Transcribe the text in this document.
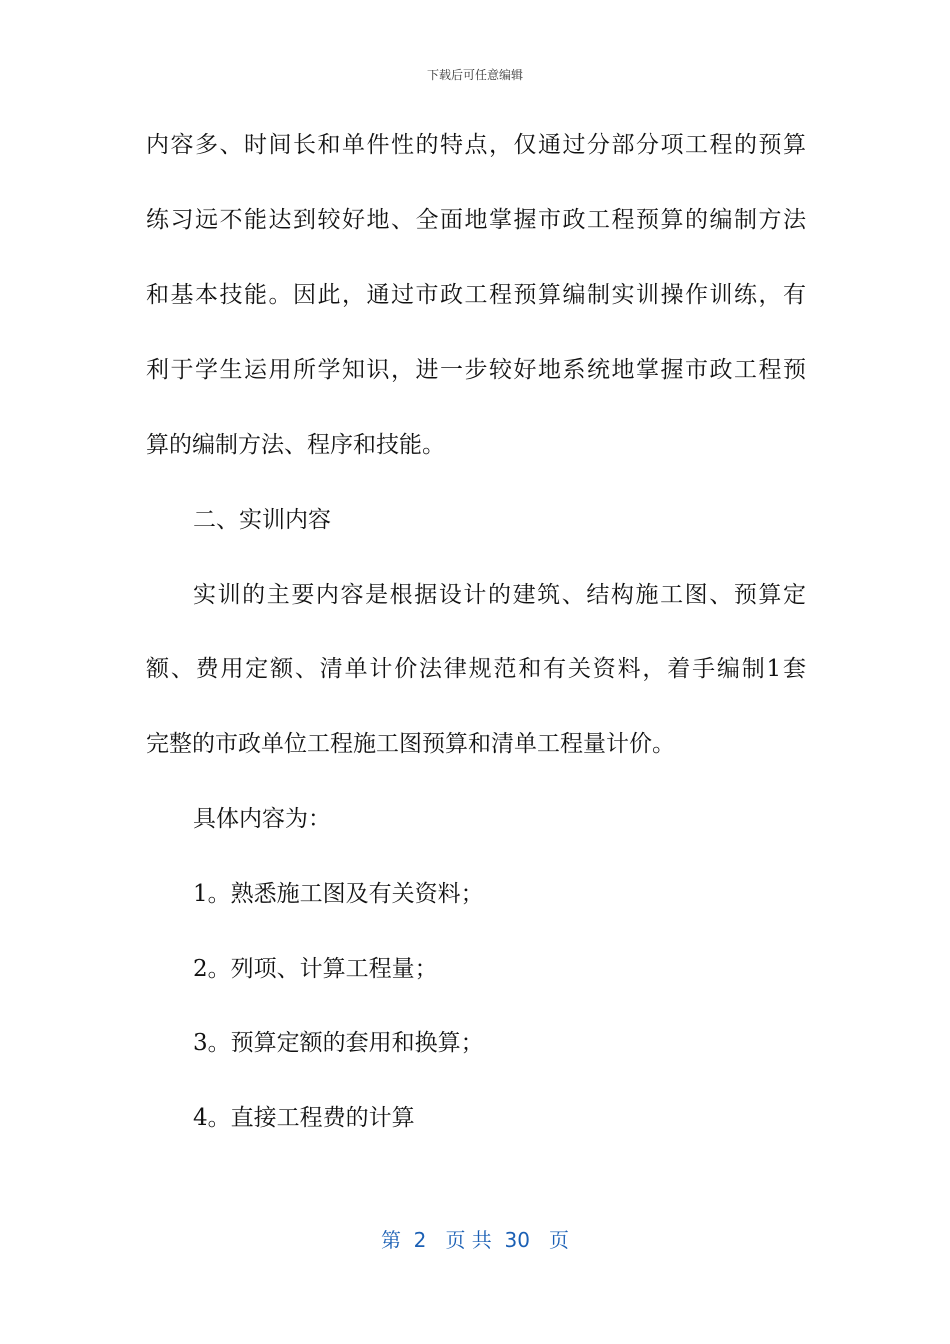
下载后可任意编辑
内容多、时间长和单件性的特点，仅通过分部分项工程的预算
练习远不能达到较好地、全面地掌握市政工程预算的编制方法
和基本技能。因此，通过市政工程预算编制实训操作训练，有
利于学生运用所学知识，进一步较好地系统地掌握市政工程预
算的编制方法、程序和技能。
二、实训内容
实训的主要内容是根据设计的建筑、结构施工图、预算定
额、费用定额、清单计价法律规范和有关资料，着手编制1套
完整的市政单位工程施工图预算和清单工程量计价。
具体内容为：
1。熟悉施工图及有关资料；
2。列项、计算工程量；
3。预算定额的套用和换算；
4。直接工程费的计算
第  2   页 共  30   页
